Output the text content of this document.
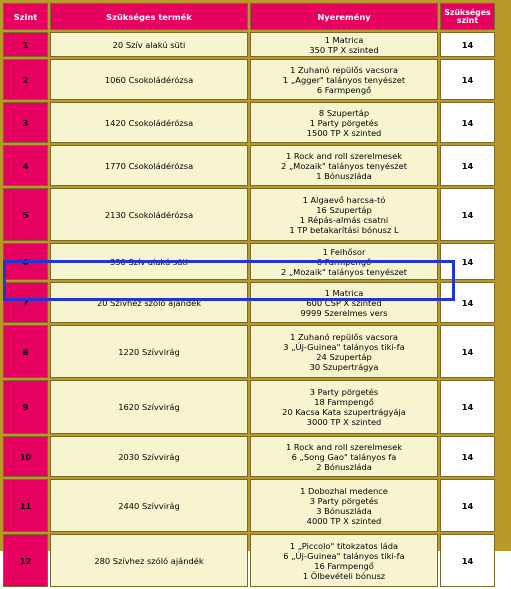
Szint	Szükséges termék	Nyeremény	Szükséges
szint

1	20 Szív alakú süti	1 Matrica
350 TP X szinted	14
2	1060 Csokoládérózsa	1 Zuhanó repülős vacsora
1 „Agger" talányos tenyészet
6 Farmpengő	14
3	1420 Csokoládérózsa	8 Szupertáp
1 Party pörgetés
1500 TP X szinted	14
4	1770 Csokoládérózsa	1 Rock and roll szerelmesek
2 „Mozaik" talányos tenyészet
1 Bónuszláda	14
5	2130 Csokoládérózsa	1 Algaevő harcsa-tó
16 Szupertáp
1 Répás-almás csatni
1 TP betakarítási bónusz L	14
6	330 Szív alakú süti	1 Felhősor
8 Farmpengő
2 „Mozaik" talányos tenyészet	14
7	20 Szívhez szóló ajándék	1 Matrica
600 CSP X szinted
9999 Szerelmes vers	14
8	1220 Szívvirág	1 Zuhanó repülős vacsora
3 „Új-Guinea" talányos tiki-fa
24 Szupertáp
30 Szupertrágya	14
9	1620 Szívvirág	3 Party pörgetés
18 Farmpengő
20 Kacsa Kata szupertrágyája
3000 TP X szinted	14
10	2030 Szívvirág	1 Rock and roll szerelmesek
6 „Song Gao" talányos fa
2 Bónuszláda	14
11	2440 Szívvirág	1 Dobozhal medence
3 Party pörgetés
3 Bónuszláda
4000 TP X szinted	14
12	280 Szívhez szóló ajándék	1 „Piccolo" titokzatos láda
6 „Új-Guinea" talányos tiki-fa
16 Farmpengő
1 Ölbevételi bónusz	14
